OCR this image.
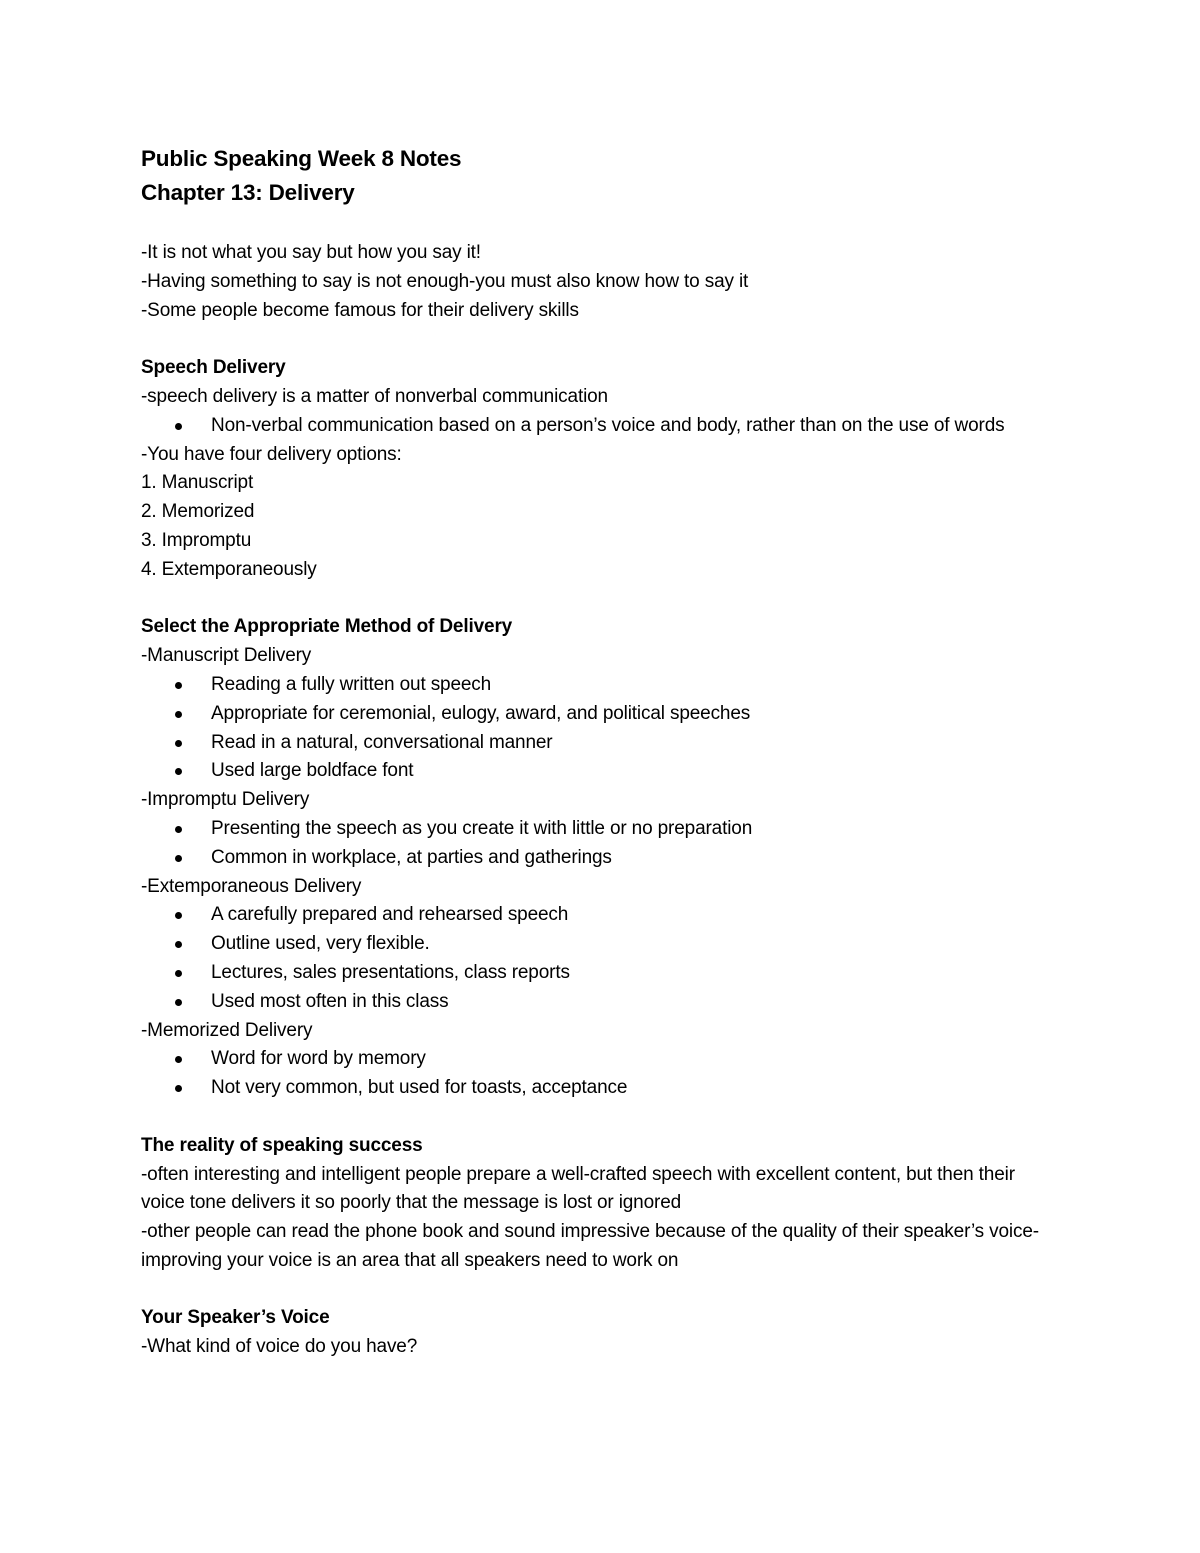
Public Speaking Week 8 Notes

Chapter 13: Delivery

-It is not what you say but how you say it!

-Having something to say is not enough-you must also know how to say it

-Some people become famous for their delivery skills

Speech Delivery

-speech delivery is a matter of nonverbal communication

Non-verbal communication based on a person’s voice and body, rather than on the use of words

-You have four delivery options:

1. Manuscript

2. Memorized

3. Impromptu

4. Extemporaneously

Select the Appropriate Method of Delivery

-Manuscript Delivery

Reading a fully written out speech
Appropriate for ceremonial, eulogy, award, and political speeches
Read in a natural, conversational manner
Used large boldface font

-Impromptu Delivery

Presenting the speech as you create it with little or no preparation
Common in workplace, at parties and gatherings

-Extemporaneous Delivery

A carefully prepared and rehearsed speech
Outline used, very flexible.
Lectures, sales presentations, class reports
Used most often in this class

-Memorized Delivery

Word for word by memory
Not very common, but used for toasts, acceptance

The reality of speaking success

-often interesting and intelligent people prepare a well-crafted speech with excellent content, but then their voice tone delivers it so poorly that the message is lost or ignored

-other people can read the phone book and sound impressive because of the quality of their speaker’s voice-improving your voice is an area that all speakers need to work on

Your Speaker’s Voice

-What kind of voice do you have?
